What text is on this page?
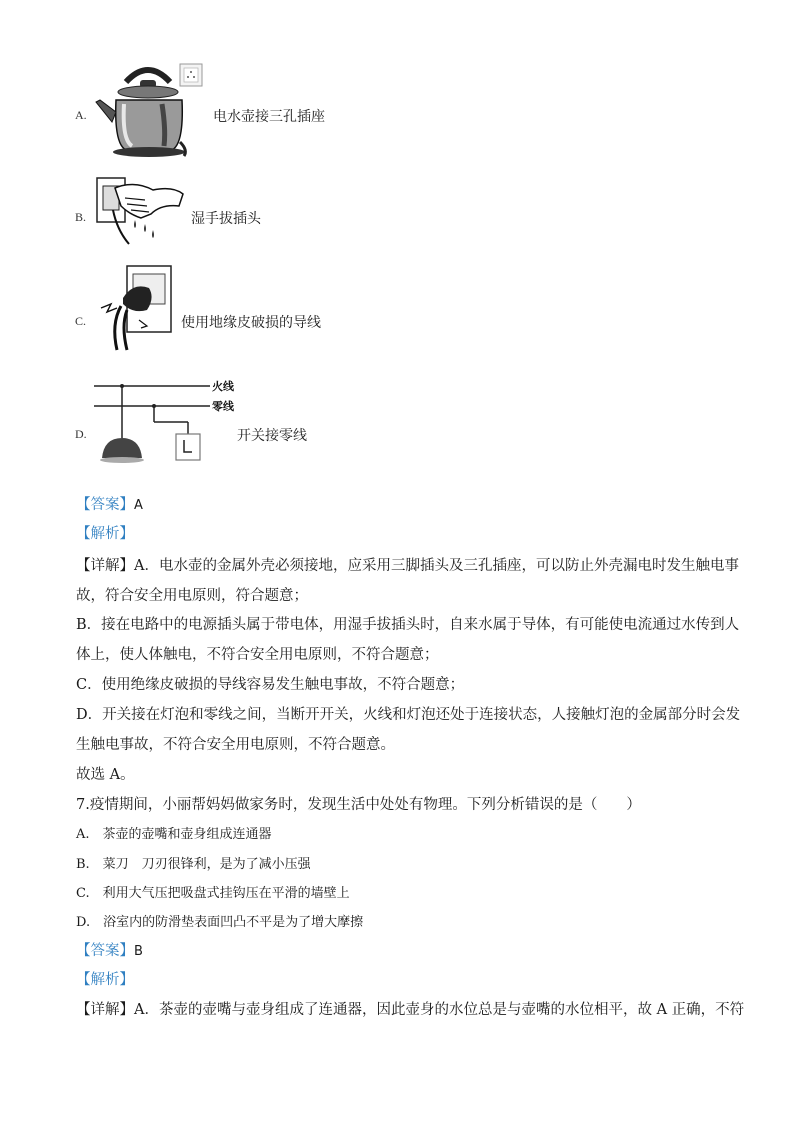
A.	电水壶接三孔插座
B.	湿手拔插头
C.	使用地缘皮破损的导线
D.
火线
零线
开关接零线
【答案】A
【解析】
【详解】A．电水壶的金属外壳必须接地，应采用三脚插头及三孔插座，可以防止外壳漏电时发生触电事
故，符合安全用电原则，符合题意；
B．接在电路中的电源插头属于带电体，用湿手拔插头时，自来水属于导体，有可能使电流通过水传到人
体上，使人体触电，不符合安全用电原则，不符合题意；
C．使用绝缘皮破损的导线容易发生触电事故，不符合题意；
D．开关接在灯泡和零线之间，当断开开关，火线和灯泡还处于连接状态，人接触灯泡的金属部分时会发
生触电事故，不符合安全用电原则，不符合题意。
故选 A。
7.疫情期间，小丽帮妈妈做家务时，发现生活中处处有物理。下列分析错误的是（　　）
A.　茶壶的壶嘴和壶身组成连通器
B.　菜刀　刀刃很锋利，是为了减小压强
C.　利用大气压把吸盘式挂钩压在平滑的墙壁上
D.　浴室内的防滑垫表面凹凸不平是为了增大摩擦
【答案】B
【解析】
【详解】A．茶壶的壶嘴与壶身组成了连通器，因此壶身的水位总是与壶嘴的水位相平，故 A 正确，不符
